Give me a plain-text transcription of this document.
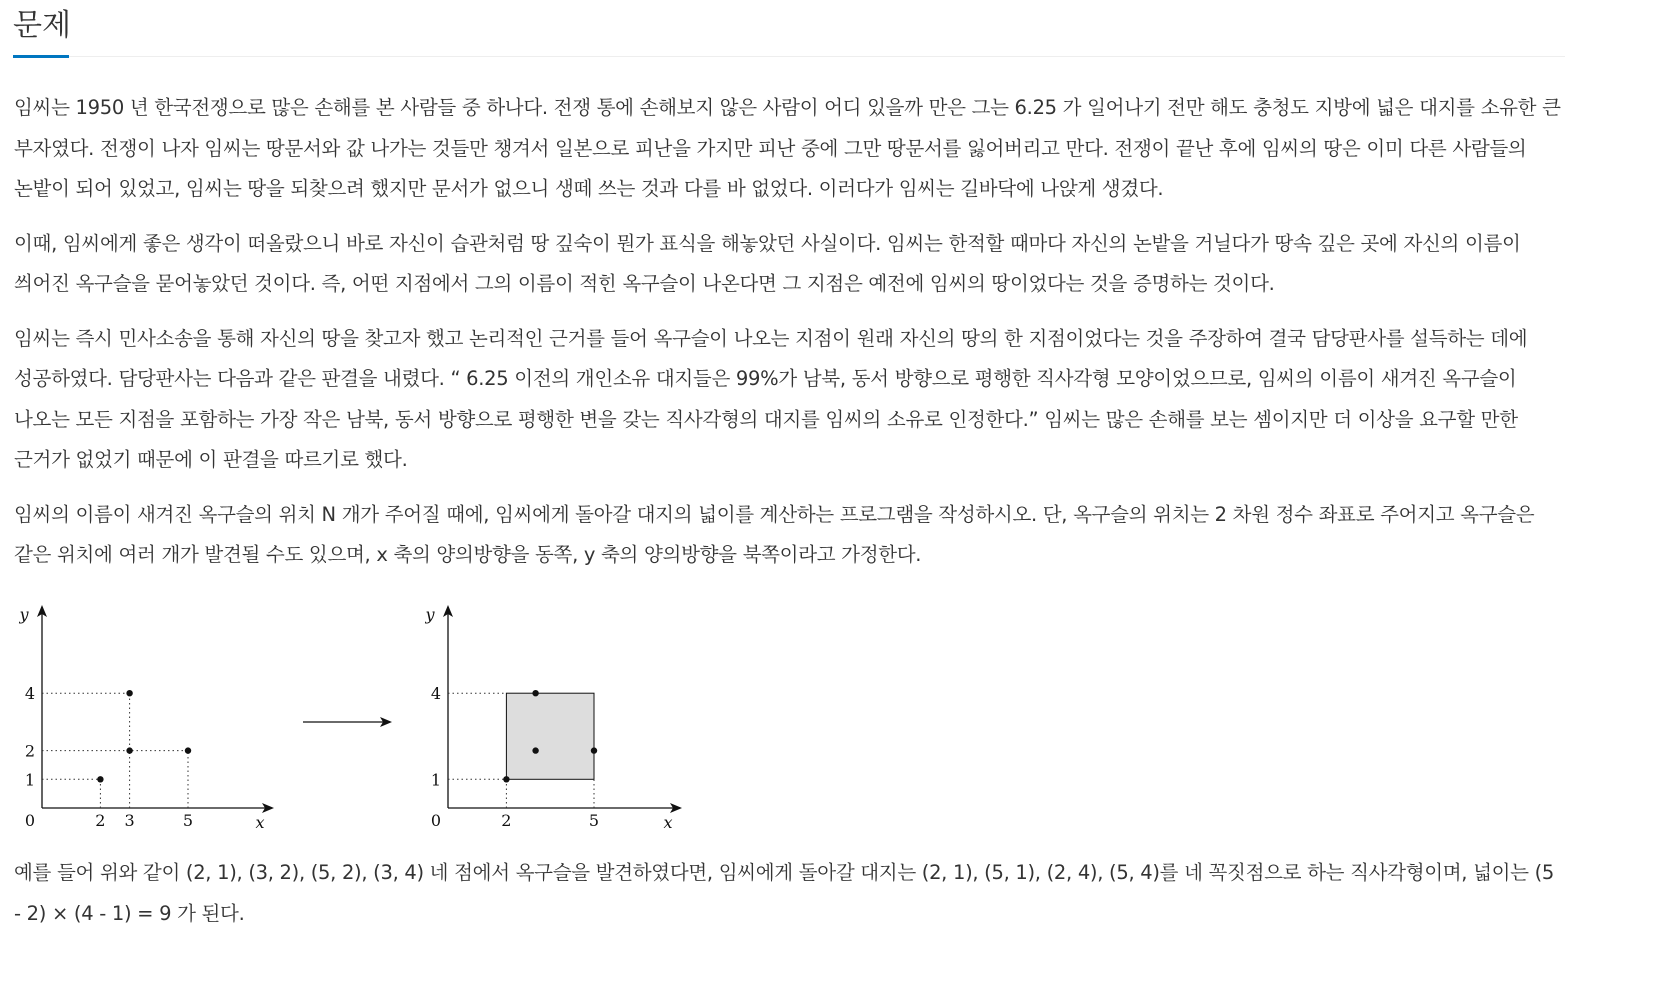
문제

임씨는 1950 년 한국전쟁으로 많은 손해를 본 사람들 중 하나다. 전쟁 통에 손해보지 않은 사람이 어디 있을까 만은 그는 6.25 가 일어나기 전만 해도 충청도 지방에 넓은 대지를 소유한 큰 부자였다. 전쟁이 나자 임씨는 땅문서와 값 나가는 것들만 챙겨서 일본으로 피난을 가지만 피난 중에 그만 땅문서를 잃어버리고 만다. 전쟁이 끝난 후에 임씨의 땅은 이미 다른 사람들의 논밭이 되어 있었고, 임씨는 땅을 되찾으려 했지만 문서가 없으니 생떼 쓰는 것과 다를 바 없었다. 이러다가 임씨는 길바닥에 나앉게 생겼다.

이때, 임씨에게 좋은 생각이 떠올랐으니 바로 자신이 습관처럼 땅 깊숙이 뭔가 표식을 해놓았던 사실이다. 임씨는 한적할 때마다 자신의 논밭을 거닐다가 땅속 깊은 곳에 자신의 이름이 씌어진 옥구슬을 묻어놓았던 것이다. 즉, 어떤 지점에서 그의 이름이 적힌 옥구슬이 나온다면 그 지점은 예전에 임씨의 땅이었다는 것을 증명하는 것이다.

임씨는 즉시 민사소송을 통해 자신의 땅을 찾고자 했고 논리적인 근거를 들어 옥구슬이 나오는 지점이 원래 자신의 땅의 한 지점이었다는 것을 주장하여 결국 담당판사를 설득하는 데에 성공하였다. 담당판사는 다음과 같은 판결을 내렸다. “ 6.25 이전의 개인소유 대지들은 99%가 남북, 동서 방향으로 평행한 직사각형 모양이었으므로, 임씨의 이름이 새겨진 옥구슬이 나오는 모든 지점을 포함하는 가장 작은 남북, 동서 방향으로 평행한 변을 갖는 직사각형의 대지를 임씨의 소유로 인정한다.” 임씨는 많은 손해를 보는 셈이지만 더 이상을 요구할 만한 근거가 없었기 때문에 이 판결을 따르기로 했다.

임씨의 이름이 새겨진 옥구슬의 위치 N 개가 주어질 때에, 임씨에게 돌아갈 대지의 넓이를 계산하는 프로그램을 작성하시오. 단, 옥구슬의 위치는 2 차원 정수 좌표로 주어지고 옥구슬은 같은 위치에 여러 개가 발견될 수도 있으며, x 축의 양의방향을 동쪽, y 축의 양의방향을 북쪽이라고 가정한다.

0	x
y
2 3	5
1
2
4
0	x
y
2	5
1
4

예를 들어 위와 같이 (2, 1), (3, 2), (5, 2), (3, 4) 네 점에서 옥구슬을 발견하였다면, 임씨에게 돌아갈 대지는 (2, 1), (5, 1), (2, 4), (5, 4)를 네 꼭짓점으로 하는 직사각형이며, 넓이는 (5 - 2) × (4 - 1) = 9 가 된다.
